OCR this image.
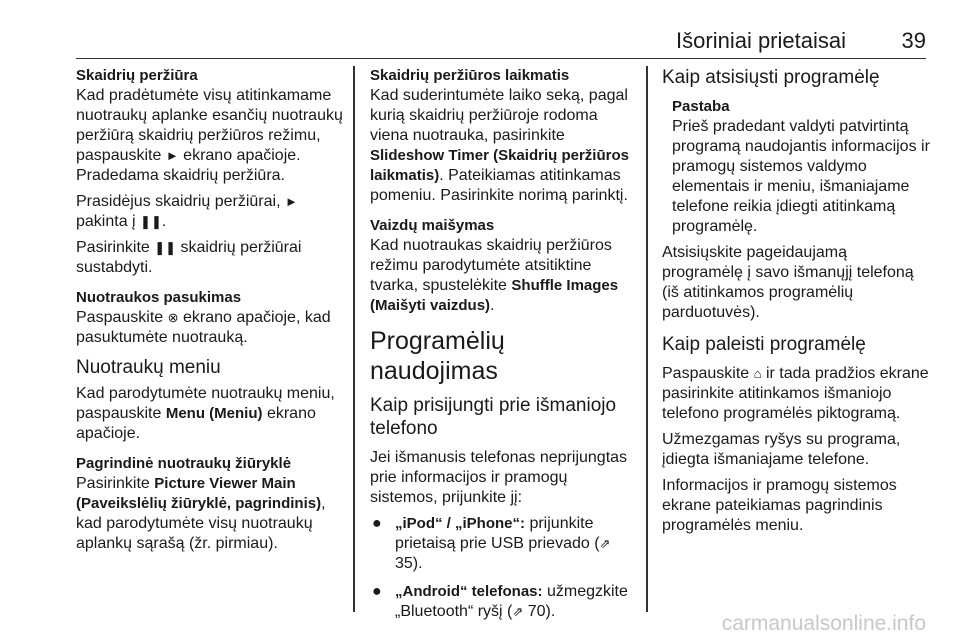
Išoriniai prietaisai	39
Skaidrių peržiūra

Kad pradėtumėte visų atitinkamame nuotraukų aplanke esančių nuotraukų peržiūrą skaidrių peržiūros režimu, paspauskite ► ekrano apačioje. Pradedama skaidrių peržiūra.

Prasidėjus skaidrių peržiūrai, ► pakinta į ❚❚.

Pasirinkite ❚❚ skaidrių peržiūrai sustabdyti.

Nuotraukos pasukimas

Paspauskite ⊗ ekrano apačioje, kad pasuktumėte nuotrauką.

Nuotraukų meniu

Kad parodytumėte nuotraukų meniu, paspauskite Menu (Meniu) ekrano apačioje.

Pagrindinė nuotraukų žiūryklė

Pasirinkite Picture Viewer Main (Paveikslėlių žiūryklė, pagrindinis), kad parodytumėte visų nuotraukų aplankų sąrašą (žr. pirmiau).

Skaidrių peržiūros laikmatis

Kad suderintumėte laiko seką, pagal kurią skaidrių peržiūroje rodoma viena nuotrauka, pasirinkite Slideshow Timer (Skaidrių peržiūros laikmatis). Pateikiamas atitinkamas pomeniu. Pasirinkite norimą parinktį.

Vaizdų maišymas

Kad nuotraukas skaidrių peržiūros režimu parodytumėte atsitiktine tvarka, spustelėkite Shuffle Images (Maišyti vaizdus).

Programėlių naudojimas
Kaip prisijungti prie išmaniojo telefono

Jei išmanusis telefonas neprijungtas prie informacijos ir pramogų sistemos, prijunkite jį:

● „iPod“ / „iPhone“: prijunkite prietaisą prie USB prievado (⇗ 35).
● „Android“ telefonas: užmegzkite „Bluetooth“ ryšį (⇗ 70).
Kaip atsisiųsti programėlę
Pastaba

Prieš pradedant valdyti patvirtintą programą naudojantis informacijos ir pramogų sistemos valdymo elementais ir meniu, išmaniajame telefone reikia įdiegti atitinkamą programėlę.

Atsisiųskite pageidaujamą programėlę į savo išmanųjį telefoną (iš atitinkamos programėlių parduotuvės).

Kaip paleisti programėlę

Paspauskite ⌂ ir tada pradžios ekrane pasirinkite atitinkamos išmaniojo telefono programėlės piktogramą.

Užmezgamas ryšys su programa, įdiegta išmaniajame telefone.

Informacijos ir pramogų sistemos ekrane pateikiamas pagrindinis programėlės meniu.

carmanualsonline.info
